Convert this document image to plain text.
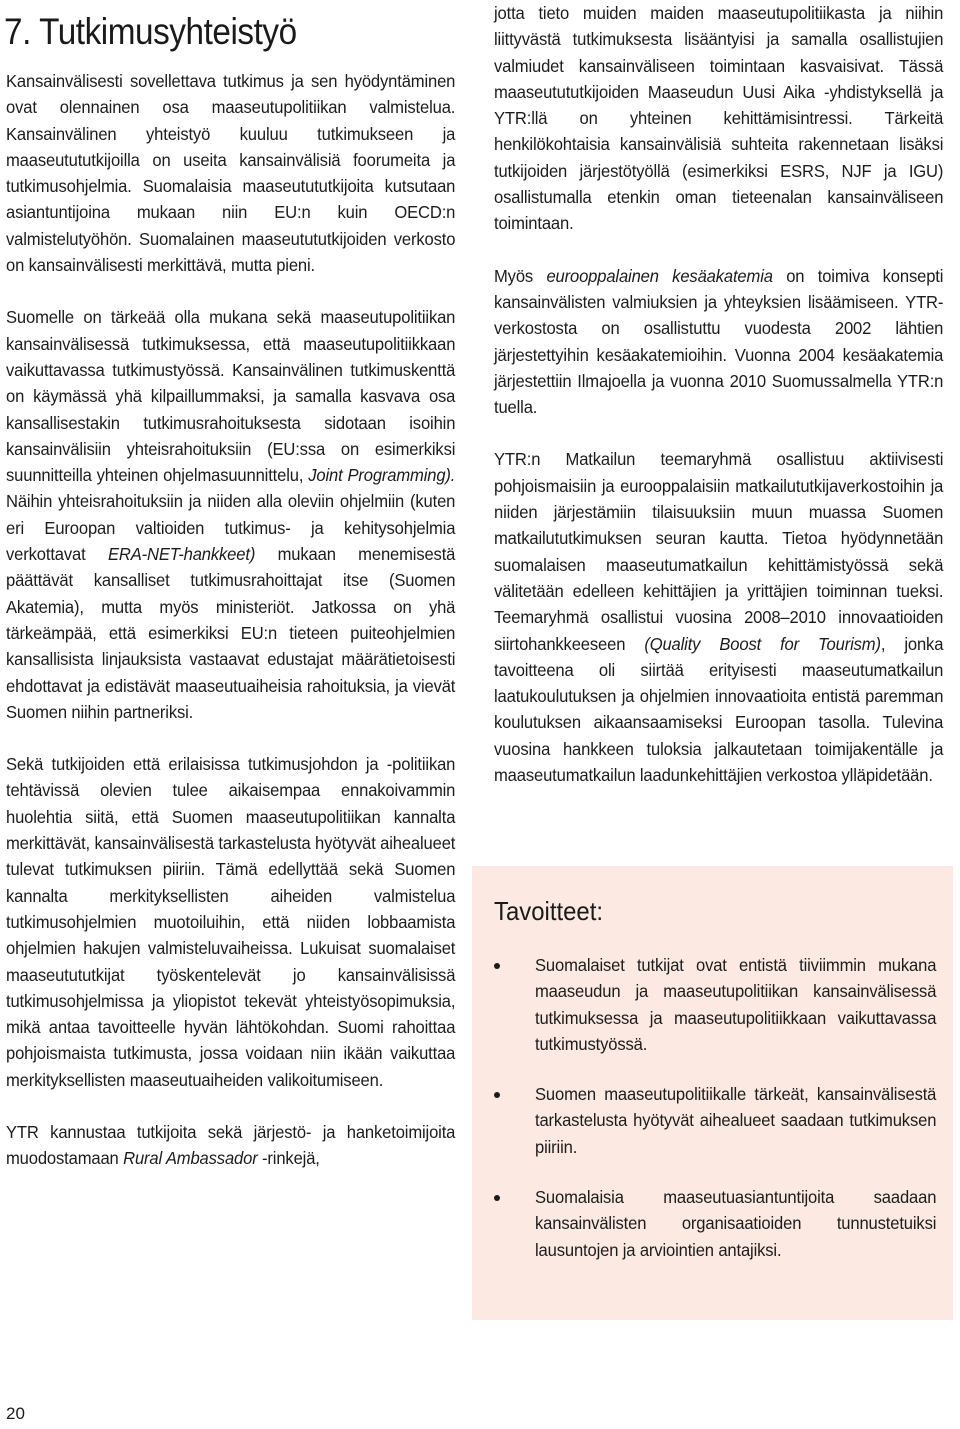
7. Tutkimusyhteistyö

Kansainvälisesti sovellettava tutkimus ja sen hyödyntäminen ovat olennainen osa maaseutupolitiikan valmistelua. Kansainvälinen yhteistyö kuuluu tutkimukseen ja maaseutututkijoilla on useita kansainvälisiä foorumeita ja tutkimusohjelmia. Suomalaisia maaseutututkijoita kutsutaan asiantuntijoina mukaan niin EU:n kuin OECD:n valmistelutyöhön. Suomalainen maaseutututkijoiden verkosto on kansainvälisesti merkittävä, mutta pieni.

Suomelle on tärkeää olla mukana sekä maaseutupolitiikan kansainvälisessä tutkimuksessa, että maaseutupolitiikkaan vaikuttavassa tutkimustyössä. Kansainvälinen tutkimuskenttä on käymässä yhä kilpaillummaksi, ja samalla kasvava osa kansallisestakin tutkimusrahoituksesta sidotaan isoihin kansainvälisiin yhteisrahoituksiin (EU:ssa on esimerkiksi suunnitteilla yhteinen ohjelmasuunnittelu, Joint Programming). Näihin yhteisrahoituksiin ja niiden alla oleviin ohjelmiin (kuten eri Euroopan valtioiden tutkimus- ja kehitysohjelmia verkottavat ERA-NET-hankkeet) mukaan menemisestä päättävät kansalliset tutkimusrahoittajat itse (Suomen Akatemia), mutta myös ministeriöt. Jatkossa on yhä tärkeämpää, että esimerkiksi EU:n tieteen puiteohjelmien kansallisista linjauksista vastaavat edustajat määrätietoisesti ehdottavat ja edistävät maaseutuaiheisia rahoituksia, ja vievät Suomen niihin partneriksi.

Sekä tutkijoiden että erilaisissa tutkimusjohdon ja -politiikan tehtävissä olevien tulee aikaisempaa ennakoivammin huolehtia siitä, että Suomen maaseutupolitiikan kannalta merkittävät, kansainvälisestä tarkastelusta hyötyvät aihealueet tulevat tutkimuksen piiriin. Tämä edellyttää sekä Suomen kannalta merkityksellisten aiheiden valmistelua tutkimusohjelmien muotoiluihin, että niiden lobbaamista ohjelmien hakujen valmisteluvaiheissa. Lukuisat suomalaiset maaseutututkijat työskentelevät jo kansainvälisissä tutkimusohjelmissa ja yliopistot tekevät yhteistyösopimuksia, mikä antaa tavoitteelle hyvän lähtökohdan. Suomi rahoittaa pohjoismaista tutkimusta, jossa voidaan niin ikään vaikuttaa merkityksellisten maaseutuaiheiden valikoitumiseen.

YTR kannustaa tutkijoita sekä järjestö- ja hanketoimijoita muodostamaan Rural Ambassador -rinkejä,

jotta tieto muiden maiden maaseutupolitiikasta ja niihin liittyvästä tutkimuksesta lisääntyisi ja samalla osallistujien valmiudet kansainväliseen toimintaan kasvaisivat. Tässä maaseutututkijoiden Maaseudun Uusi Aika -yhdistyksellä ja YTR:llä on yhteinen kehittämisintressi. Tärkeitä henkilökohtaisia kansainvälisiä suhteita rakennetaan lisäksi tutkijoiden järjestötyöllä (esimerkiksi ESRS, NJF ja IGU) osallistumalla etenkin oman tieteenalan kansainväliseen toimintaan.

Myös eurooppalainen kesäakatemia on toimiva konsepti kansainvälisten valmiuksien ja yhteyksien lisäämiseen. YTR-verkostosta on osallistuttu vuodesta 2002 lähtien järjestettyihin kesäakatemioihin. Vuonna 2004 kesäakatemia järjestettiin Ilmajoella ja vuonna 2010 Suomussalmella YTR:n tuella.

YTR:n Matkailun teemaryhmä osallistuu aktiivisesti pohjoismaisiin ja eurooppalaisiin matkailututkijaverkostoihin ja niiden järjestämiin tilaisuuksiin muun muassa Suomen matkailututkimuksen seuran kautta. Tietoa hyödynnetään suomalaisen maaseutumatkailun kehittämistyössä sekä välitetään edelleen kehittäjien ja yrittäjien toiminnan tueksi. Teemaryhmä osallistui vuosina 2008–2010 innovaatioiden siirtohankkeeseen (Quality Boost for Tourism), jonka tavoitteena oli siirtää erityisesti maaseutumatkailun laatukoulutuksen ja ohjelmien innovaatioita entistä paremman koulutuksen aikaansaamiseksi Euroopan tasolla. Tulevina vuosina hankkeen tuloksia jalkautetaan toimijakentälle ja maaseutumatkailun laadunkehittäjien verkostoa ylläpidetään.

Tavoitteet:
Suomalaiset tutkijat ovat entistä tiiviimmin mukana maaseudun ja maaseutupolitiikan kansainvälisessä tutkimuksessa ja maaseutupolitiikkaan vaikuttavassa tutkimustyössä.
Suomen maaseutupolitiikalle tärkeät, kansainvälisestä tarkastelusta hyötyvät aihealueet saadaan tutkimuksen piiriin.
Suomalaisia maaseutuasiantuntijoita saadaan kansainvälisten organisaatioiden tunnustetuiksi lausuntojen ja arviointien antajiksi.
20
